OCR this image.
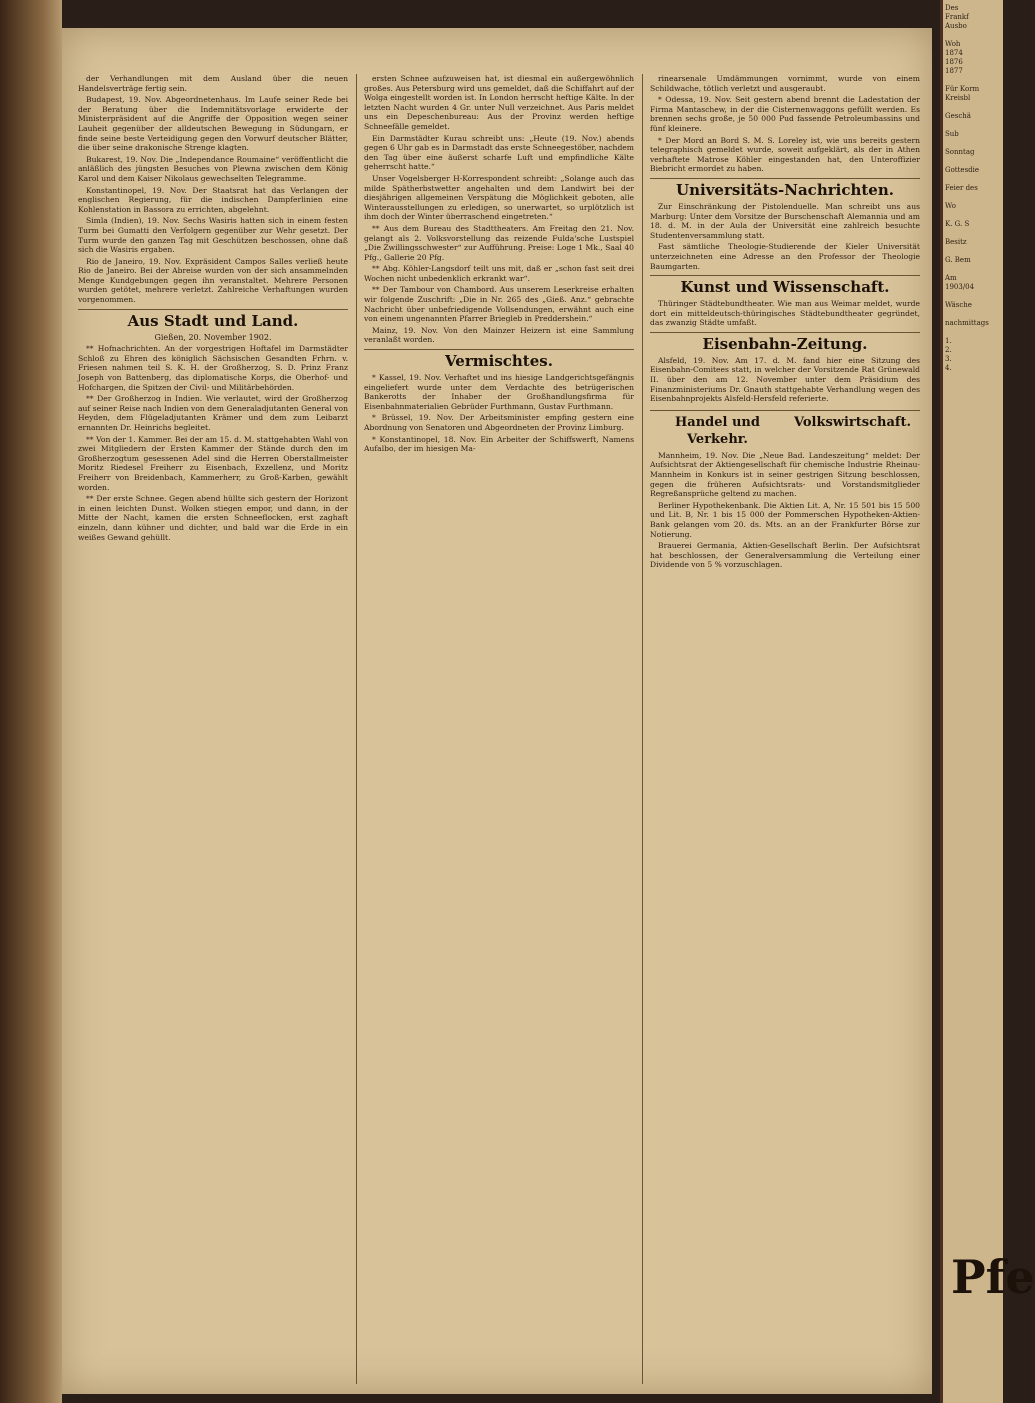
der Verhandlungen mit dem Ausland über die neuen Handelsverträge fertig sein.

Budapest, 19. Nov. Abgeordnetenhaus. Im Laufe seiner Rede bei der Beratung über die Indemnitätsvorlage erwiderte der Ministerpräsident auf die Angriffe der Opposition wegen seiner Lauheit gegenüber der alldeutschen Bewegung in Südungarn, er finde seine beste Verteidigung gegen den Vorwurf deutscher Blätter, die über seine drakonische Strenge klagten.

Bukarest, 19. Nov. Die „Independance Roumaine“ veröffentlicht die anläßlich des jüngsten Besuches von Plewna zwischen dem König Karol und dem Kaiser Nikolaus gewechselten Telegramme.

Konstantinopel, 19. Nov. Der Staatsrat hat das Verlangen der englischen Regierung, für die indischen Dampferlinien eine Kohlenstation in Bassora zu errichten, abgelehnt.

Simla (Indien), 19. Nov. Sechs Wasiris hatten sich in einem festen Turm bei Gumatti den Verfolgern gegenüber zur Wehr gesetzt. Der Turm wurde den ganzen Tag mit Geschützen beschossen, ohne daß sich die Wasiris ergaben.

Rio de Janeiro, 19. Nov. Expräsident Campos Salles verließ heute Rio de Janeiro. Bei der Abreise wurden von der sich ansammelnden Menge Kundgebungen gegen ihn veranstaltet. Mehrere Personen wurden getötet, mehrere verletzt. Zahlreiche Verhaftungen wurden vorgenommen.

Aus Stadt und Land.
Gießen, 20. November 1902.

** Hofnachrichten. An der vorgestrigen Hoftafel im Darmstädter Schloß zu Ehren des königlich Sächsischen Gesandten Frhrn. v. Friesen nahmen teil S. K. H. der Großherzog, S. D. Prinz Franz Joseph von Battenberg, das diplomatische Korps, die Oberhof- und Hofchargen, die Spitzen der Civil- und Militärbehörden.

** Der Großherzog in Indien. Wie verlautet, wird der Großherzog auf seiner Reise nach Indien von dem Generaladjutanten General von Heyden, dem Flügeladjutanten Krämer und dem zum Leibarzt ernannten Dr. Heinrichs begleitet.

** Von der 1. Kammer. Bei der am 15. d. M. stattgehabten Wahl von zwei Mitgliedern der Ersten Kammer der Stände durch den im Großherzogtum gesessenen Adel sind die Herren Oberstallmeister Moritz Riedesel Freiherr zu Eisenbach, Exzellenz, und Moritz Freiherr von Breidenbach, Kammerherr, zu Groß-Karben, gewählt worden.

** Der erste Schnee. Gegen abend hüllte sich gestern der Horizont in einen leichten Dunst. Wolken stiegen empor, und dann, in der Mitte der Nacht, kamen die ersten Schneeflocken, erst zaghaft einzeln, dann kühner und dichter, und bald war die Erde in ein weißes Gewand gehüllt.

ersten Schnee aufzuweisen hat, ist diesmal ein außergewöhnlich großes. Aus Petersburg wird uns gemeldet, daß die Schiffahrt auf der Wolga eingestellt worden ist. In London herrscht heftige Kälte. In der letzten Nacht wurden 4 Gr. unter Null verzeichnet. Aus Paris meldet uns ein Depeschenbureau: Aus der Provinz werden heftige Schneefälle gemeldet.

Ein Darmstädter Kurau schreibt uns: „Heute (19. Nov.) abends gegen 6 Uhr gab es in Darmstadt das erste Schneegestöber, nachdem den Tag über eine äußerst scharfe Luft und empfindliche Kälte geherrscht hatte.“

Unser Vogelsberger H-Korrespondent schreibt: „Solange auch das milde Spätherbstwetter angehalten und dem Landwirt bei der diesjährigen allgemeinen Verspätung die Möglichkeit geboten, alle Winterausstellungen zu erledigen, so unerwartet, so urplötzlich ist ihm doch der Winter überraschend eingetreten.“

** Aus dem Bureau des Stadttheaters. Am Freitag den 21. Nov. gelangt als 2. Volksvorstellung das reizende Fulda'sche Lustspiel „Die Zwillingsschwester“ zur Aufführung. Preise: Loge 1 Mk., Saal 40 Pfg., Gallerie 20 Pfg.

** Abg. Köhler-Langsdorf teilt uns mit, daß er „schon fast seit drei Wochen nicht unbedenklich erkrankt war“.

** Der Tambour von Chambord. Aus unserem Leserkreise erhalten wir folgende Zuschrift: „Die in Nr. 265 des „Gieß. Anz.“ gebrachte Nachricht über unbefriedigende Vollsendungen, erwähnt auch eine von einem ungenannten Pfarrer Briegleb in Preddershein.“

Mainz, 19. Nov. Von den Mainzer Heizern ist eine Sammlung veranlaßt worden.

Vermischtes.

* Kassel, 19. Nov. Verhaftet und ins hiesige Landgerichtsgefängnis eingeliefert wurde unter dem Verdachte des betrügerischen Bankerotts der Inhaber der Großhandlungsfirma für Eisenbahnmaterialien Gebrüder Furthmann, Gustav Furthmann.

* Brüssel, 19. Nov. Der Arbeitsminister empfing gestern eine Abordnung von Senatoren und Abgeordneten der Provinz Limburg.

* Konstantinopel, 18. Nov. Ein Arbeiter der Schiffswerft, Namens Aufalbo, der im hiesigen Ma-

rinearsenale Umdämmungen vornimmt, wurde von einem Schildwache, tötlich verletzt und ausgeraubt.

* Odessa, 19. Nov. Seit gestern abend brennt die Ladestation der Firma Mantaschew, in der die Cisternenwaggons gefüllt werden. Es brennen sechs große, je 50 000 Pud fassende Petroleumbassins und fünf kleinere.

* Der Mord an Bord S. M. S. Loreley ist, wie uns bereits gestern telegraphisch gemeldet wurde, soweit aufgeklärt, als der in Athen verhaftete Matrose Köhler eingestanden hat, den Unteroffizier Biebricht ermordet zu haben.

Universitäts-Nachrichten.

Zur Einschränkung der Pistolenduelle. Man schreibt uns aus Marburg: Unter dem Vorsitze der Burschenschaft Alemannia und am 18. d. M. in der Aula der Universität eine zahlreich besuchte Studentenversammlung statt.

Fast sämtliche Theologie-Studierende der Kieler Universität unterzeichneten eine Adresse an den Professor der Theologie Baumgarten.

Kunst und Wissenschaft.

Thüringer Städtebundtheater. Wie man aus Weimar meldet, wurde dort ein mitteldeutsch-thüringisches Städtebundtheater gegründet, das zwanzig Städte umfaßt.

Eisenbahn-Zeitung.

Alsfeld, 19. Nov. Am 17. d. M. fand hier eine Sitzung des Eisenbahn-Comitees statt, in welcher der Vorsitzende Rat Grünewald II. über den am 12. November unter dem Präsidium des Finanzministeriums Dr. Gnauth stattgehabte Verhandlung wegen des Eisenbahnprojekts Alsfeld-Hersfeld referierte.

Handel und Verkehr.
Volkswirtschaft.

Mannheim, 19. Nov. Die „Neue Bad. Landeszeitung“ meldet: Der Aufsichtsrat der Aktiengesellschaft für chemische Industrie Rheinau-Mannheim in Konkurs ist in seiner gestrigen Sitzung beschlossen, gegen die früheren Aufsichtsrats- und Vorstandsmitglieder Regreßansprüche geltend zu machen.

Berliner Hypothekenbank. Die Aktien Lit. A, Nr. 15 501 bis 15 500 und Lit. B, Nr. 1 bis 15 000 der Pommerschen Hypotheken-Aktien-Bank gelangen vom 20. ds. Mts. an an der Frankfurter Börse zur Notierung.

Brauerei Germania, Aktien-Gesellschaft Berlin. Der Aufsichtsrat hat beschlossen, der Generalversammlung die Verteilung einer Dividende von 5 % vorzuschlagen.

Des
Frankf
Ausbo

Woh
1874
1876
1877

Für Korm
Kreisbl

Geschä

Sub

Sonntag

Gottesdie

Feier des

Wo

K. G. S

Besitz

G. Bem

Am
1903/04

Wäsche

nachmittags

1.
2.
3.
4.
Pfe
